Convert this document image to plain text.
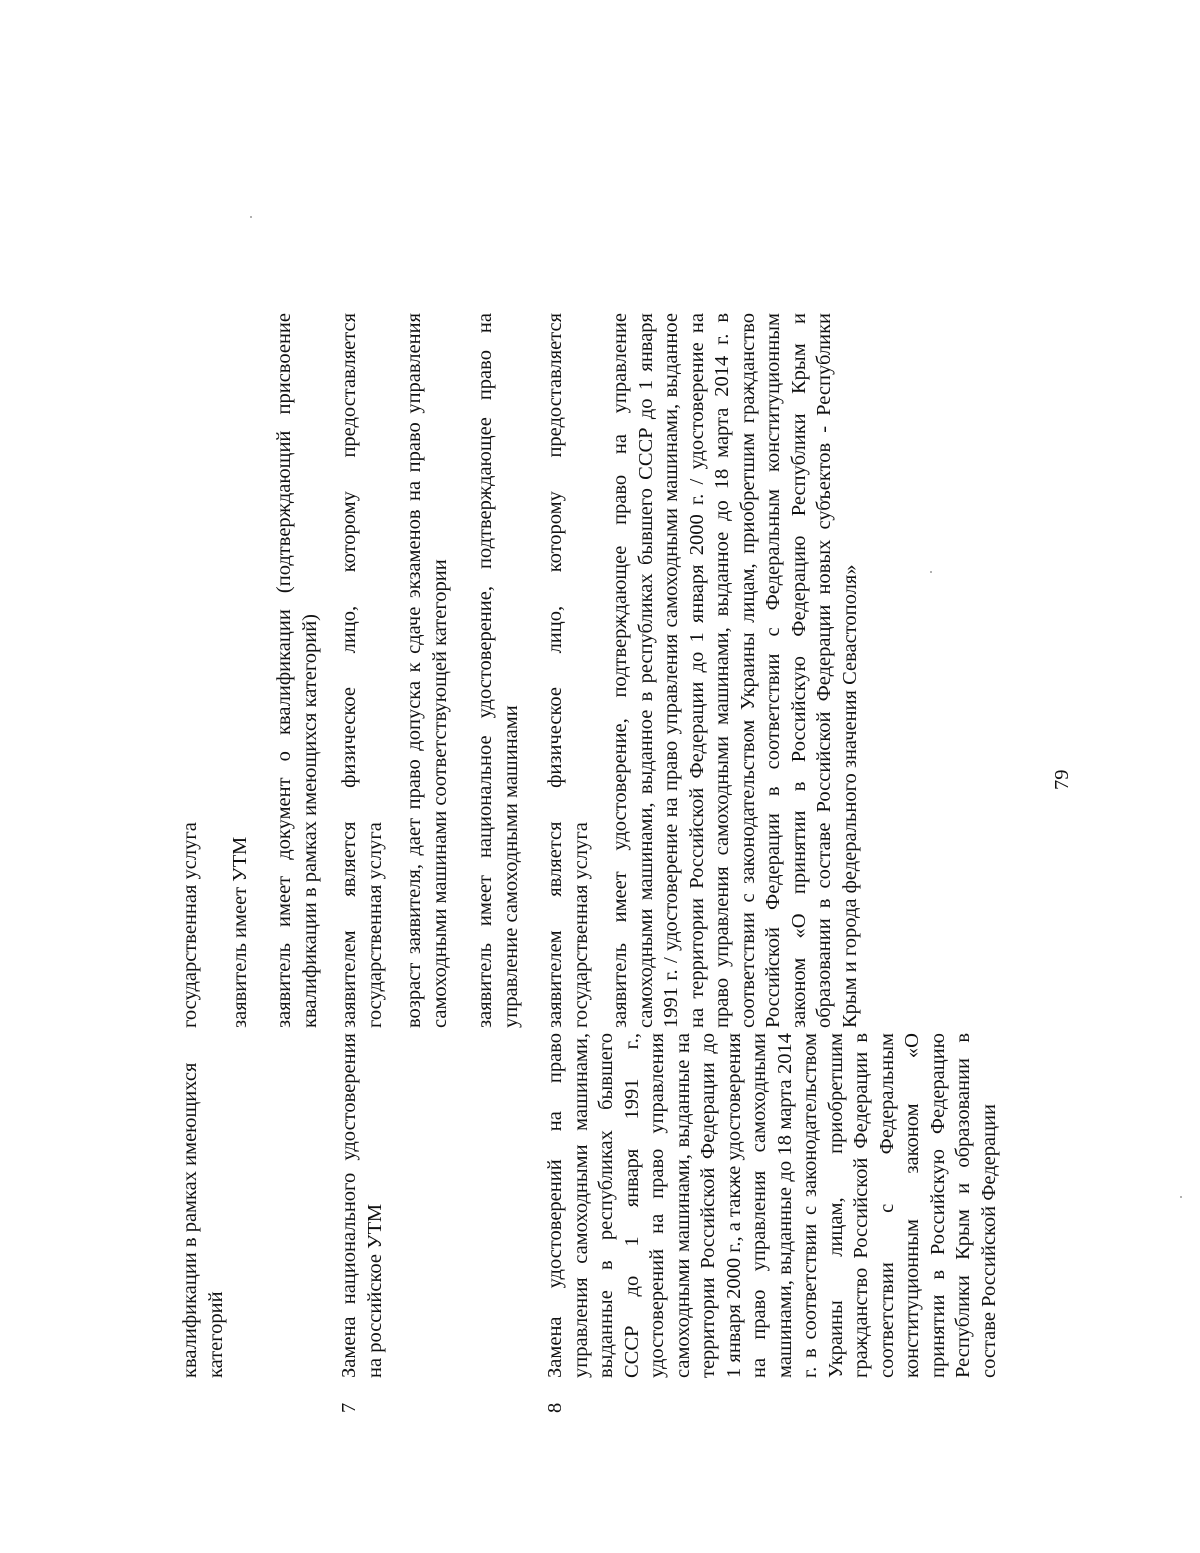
квалификации в рамках имеющихся категорий
государственная услуга заявитель имеет УТМ заявитель имеет документ о квалификации (подтверждающий присвоение квалификации в рамках имеющихся категорий)
7
Замена национального удостоверения на российское УТМ
заявителем является физическое лицо, которому предоставляется государственная услуга возраст заявителя, дает право допуска к сдаче экзаменов на право управления самоходными машинами соответствующей категории заявитель имеет национальное удостоверение, подтверждающее право на управление самоходными машинами
8
Замена удостоверений на право управления самоходными машинами, выданные в республиках бывшего СССР до 1 января 1991 г., удостоверений на право управления самоходными машинами, выданные на территории Российской Федерации до 1 января 2000 г., а также удостоверения на право управления самоходными машинами, выданные до 18 марта 2014 г. в соответствии с законодательством Украины лицам, приобретшим гражданство Российской Федерации в соответствии с Федеральным конституционным законом «О принятии в Российскую Федерацию Республики Крым и образовании в составе Российской Федерации
заявителем является физическое лицо, которому предоставляется государственная услуга заявитель имеет удостоверение, подтверждающее право на управление самоходными машинами, выданное в республиках бывшего СССР до 1 января 1991 г. / удостоверение на право управления самоходными машинами, выданное на территории Российской Федерации до 1 января 2000 г. / удостоверение на право управления самоходными машинами, выданное до 18 марта 2014 г. в соответствии с законодательством Украины лицам, приобретшим гражданство Российской Федерации в соответствии с Федеральным конституционным законом «О принятии в Российскую Федерацию Республики Крым и образовании в составе Российской Федерации новых субъектов - Республики Крым и города федерального значения Севастополя»	79
